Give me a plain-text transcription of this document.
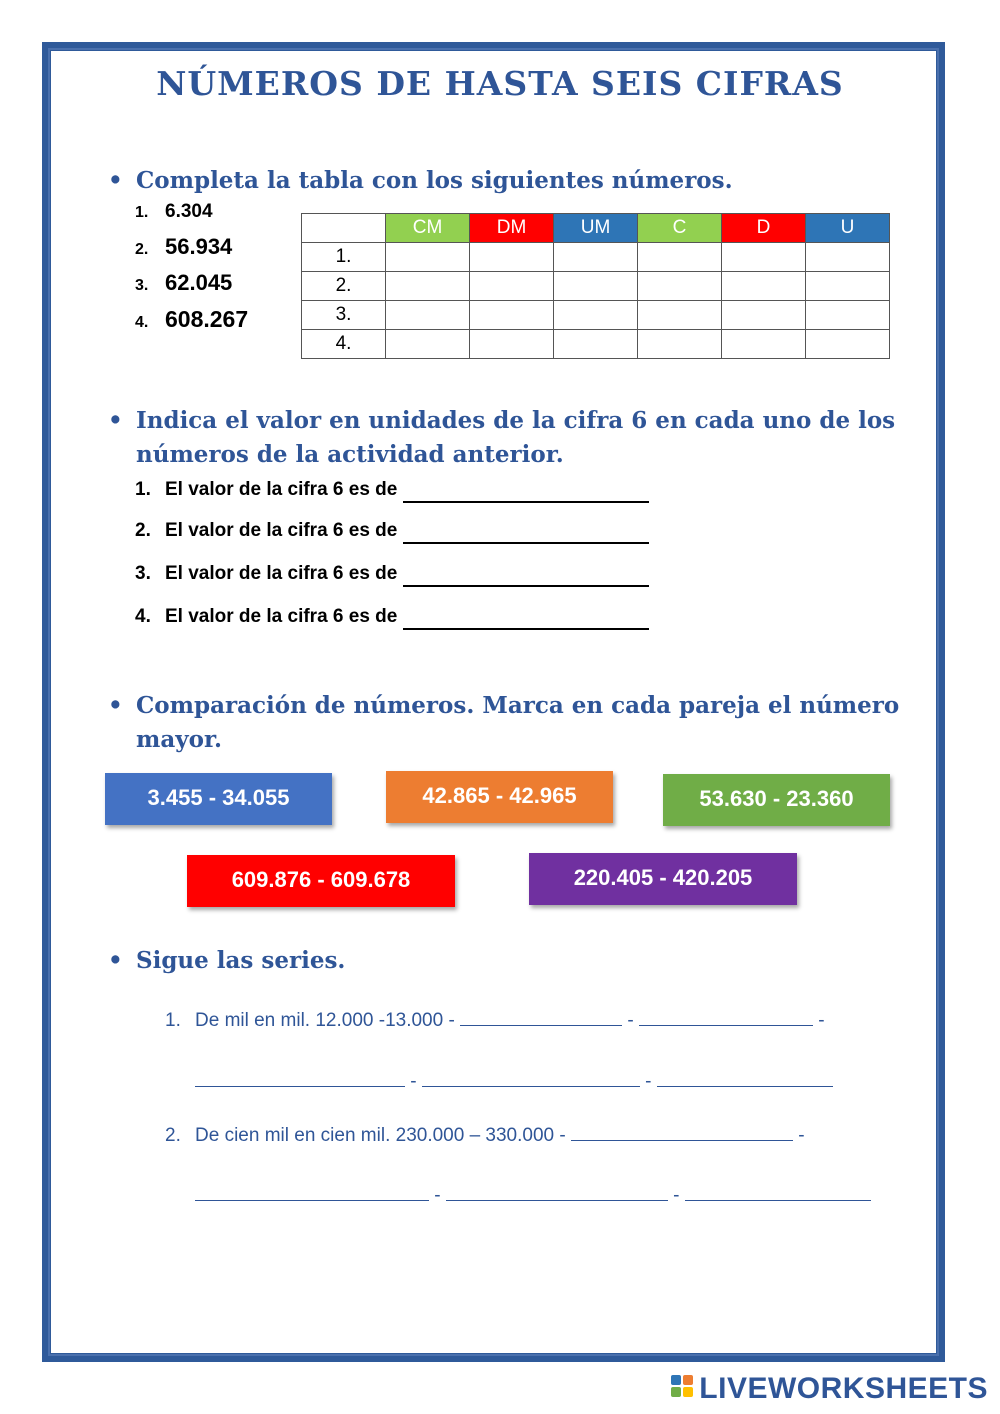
NÚMEROS DE HASTA SEIS CIFRAS
• Completa la tabla con los siguientes números.
1. 6.304
2. 56.934
3. 62.045
4. 608.267
	CM	DM	UM	C	D	U
1.						
2.						
3.						
4.						
• Indica el valor en unidades de la cifra 6 en cada uno de los números de la actividad anterior.
1. El valor de la cifra 6 es de
2. El valor de la cifra 6 es de
3. El valor de la cifra 6 es de
4. El valor de la cifra 6 es de
• Comparación de números. Marca en cada pareja el número mayor.
3.455 - 34.055	42.865 - 42.965	53.630 - 23.360
609.876 - 609.678	220.405 - 420.205
• Sigue las series.
1. De mil en mil. 12.000 -13.000 -	-	-
-	-
2. De cien mil en cien mil. 230.000 – 330.000 -	-
-	-
LIVEWORKSHEETS
